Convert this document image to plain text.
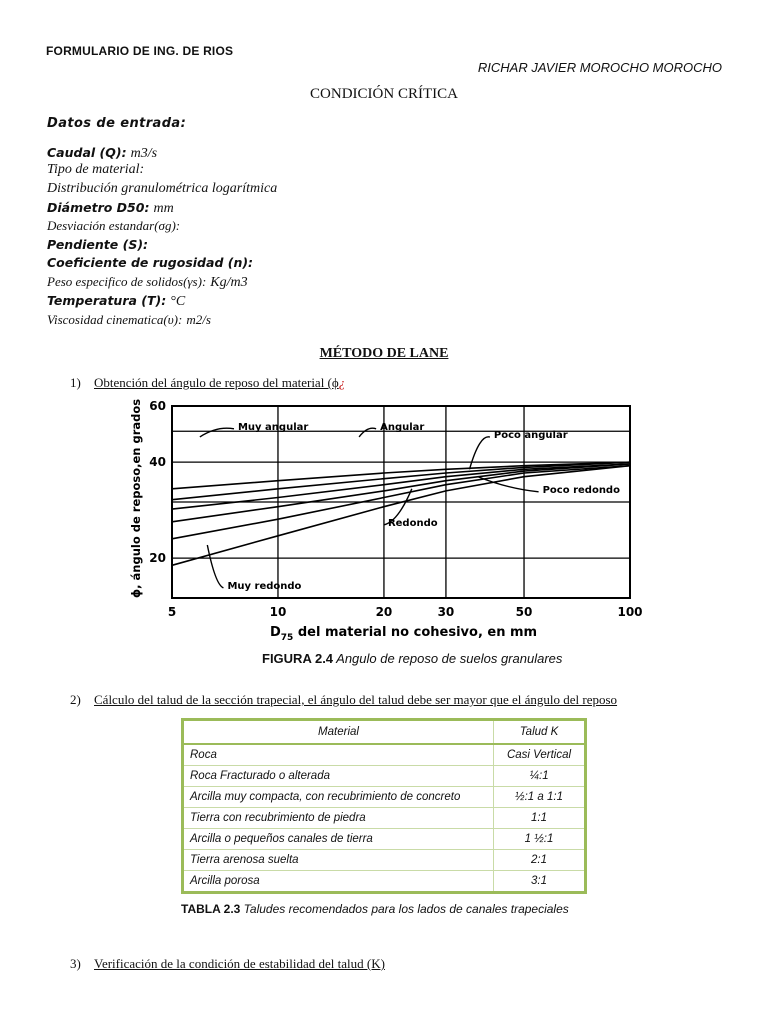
FORMULARIO DE ING. DE RIOS
RICHAR JAVIER MOROCHO MOROCHO
CONDICIÓN CRÍTICA
Datos de entrada:
Caudal (Q): m3/s
Tipo de material:
Distribución granulométrica logarítmica
Diámetro D50: mm
Desviación estandar(σg):
Pendiente (S):
Coeficiente de rugosidad (n):
Peso especifico de solidos(γs): Kg/m3
Temperatura (T): °C
Viscosidad cinematica(υ): m2/s
MÉTODO DE LANE
1) Obtención del ángulo de reposo del material (ϕ¿
5	10	20	30	50	100
60
40
20
Muy angular	Angular
Poco angular
Poco redondo
Redondo
Muy redondo
ϕ, ángulo de reposo,en grados
$D_{75}$ del material no cohesivo, en mm
FIGURA 2.4 Angulo de reposo de suelos granulares
2) Cálculo del talud de la sección trapecial, el ángulo del talud debe ser mayor que el ángulo del reposo
Material	Talud K
Roca	Casi Vertical
Roca Fracturado o alterada	¼:1
Arcilla muy compacta, con recubrimiento de concreto	½:1 a 1:1
Tierra con recubrimiento de piedra	1:1
Arcilla o pequeños canales de tierra	1 ½:1
Tierra arenosa suelta	2:1
Arcilla porosa	3:1
TABLA 2.3 Taludes recomendados para los lados de canales trapeciales
3) Verificación de la condición de estabilidad del talud (K)
